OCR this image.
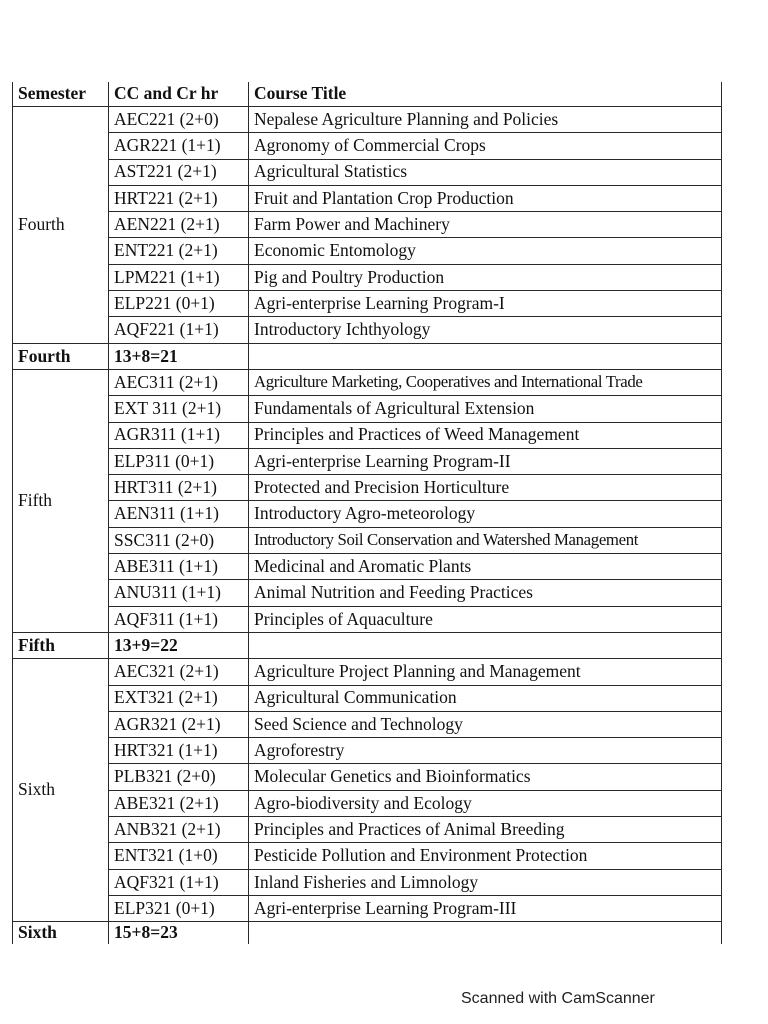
Semester	CC and Cr hr	Course Title
Fourth	AEC221 (2+0)	Nepalese Agriculture Planning and Policies
	AGR221 (1+1)	Agronomy of Commercial Crops
	AST221 (2+1)	Agricultural Statistics
	HRT221 (2+1)	Fruit and Plantation Crop Production
	AEN221 (2+1)	Farm Power and Machinery
	ENT221 (2+1)	Economic Entomology
	LPM221 (1+1)	Pig and Poultry Production
	ELP221 (0+1)	Agri-enterprise Learning Program-I
	AQF221 (1+1)	Introductory Ichthyology
Fourth	13+8=21	
Fifth	AEC311 (2+1)	Agriculture Marketing, Cooperatives and International Trade
	EXT 311 (2+1)	Fundamentals of Agricultural Extension
	AGR311 (1+1)	Principles and Practices of Weed Management
	ELP311 (0+1)	Agri-enterprise Learning Program-II
	HRT311 (2+1)	Protected and Precision Horticulture
	AEN311 (1+1)	Introductory Agro-meteorology
	SSC311 (2+0)	Introductory Soil Conservation and Watershed Management
	ABE311 (1+1)	Medicinal and Aromatic Plants
	ANU311 (1+1)	Animal Nutrition and Feeding Practices
	AQF311 (1+1)	Principles of Aquaculture
Fifth	13+9=22	
Sixth	AEC321 (2+1)	Agriculture Project Planning and Management
	EXT321 (2+1)	Agricultural Communication
	AGR321 (2+1)	Seed Science and Technology
	HRT321 (1+1)	Agroforestry
	PLB321 (2+0)	Molecular Genetics and Bioinformatics
	ABE321 (2+1)	Agro-biodiversity and Ecology
	ANB321 (2+1)	Principles and Practices of Animal Breeding
	ENT321 (1+0)	Pesticide Pollution and Environment Protection
	AQF321 (1+1)	Inland Fisheries and Limnology
	ELP321 (0+1)	Agri-enterprise Learning Program-III
Sixth	15+8=23	
Scanned with CamScanner
